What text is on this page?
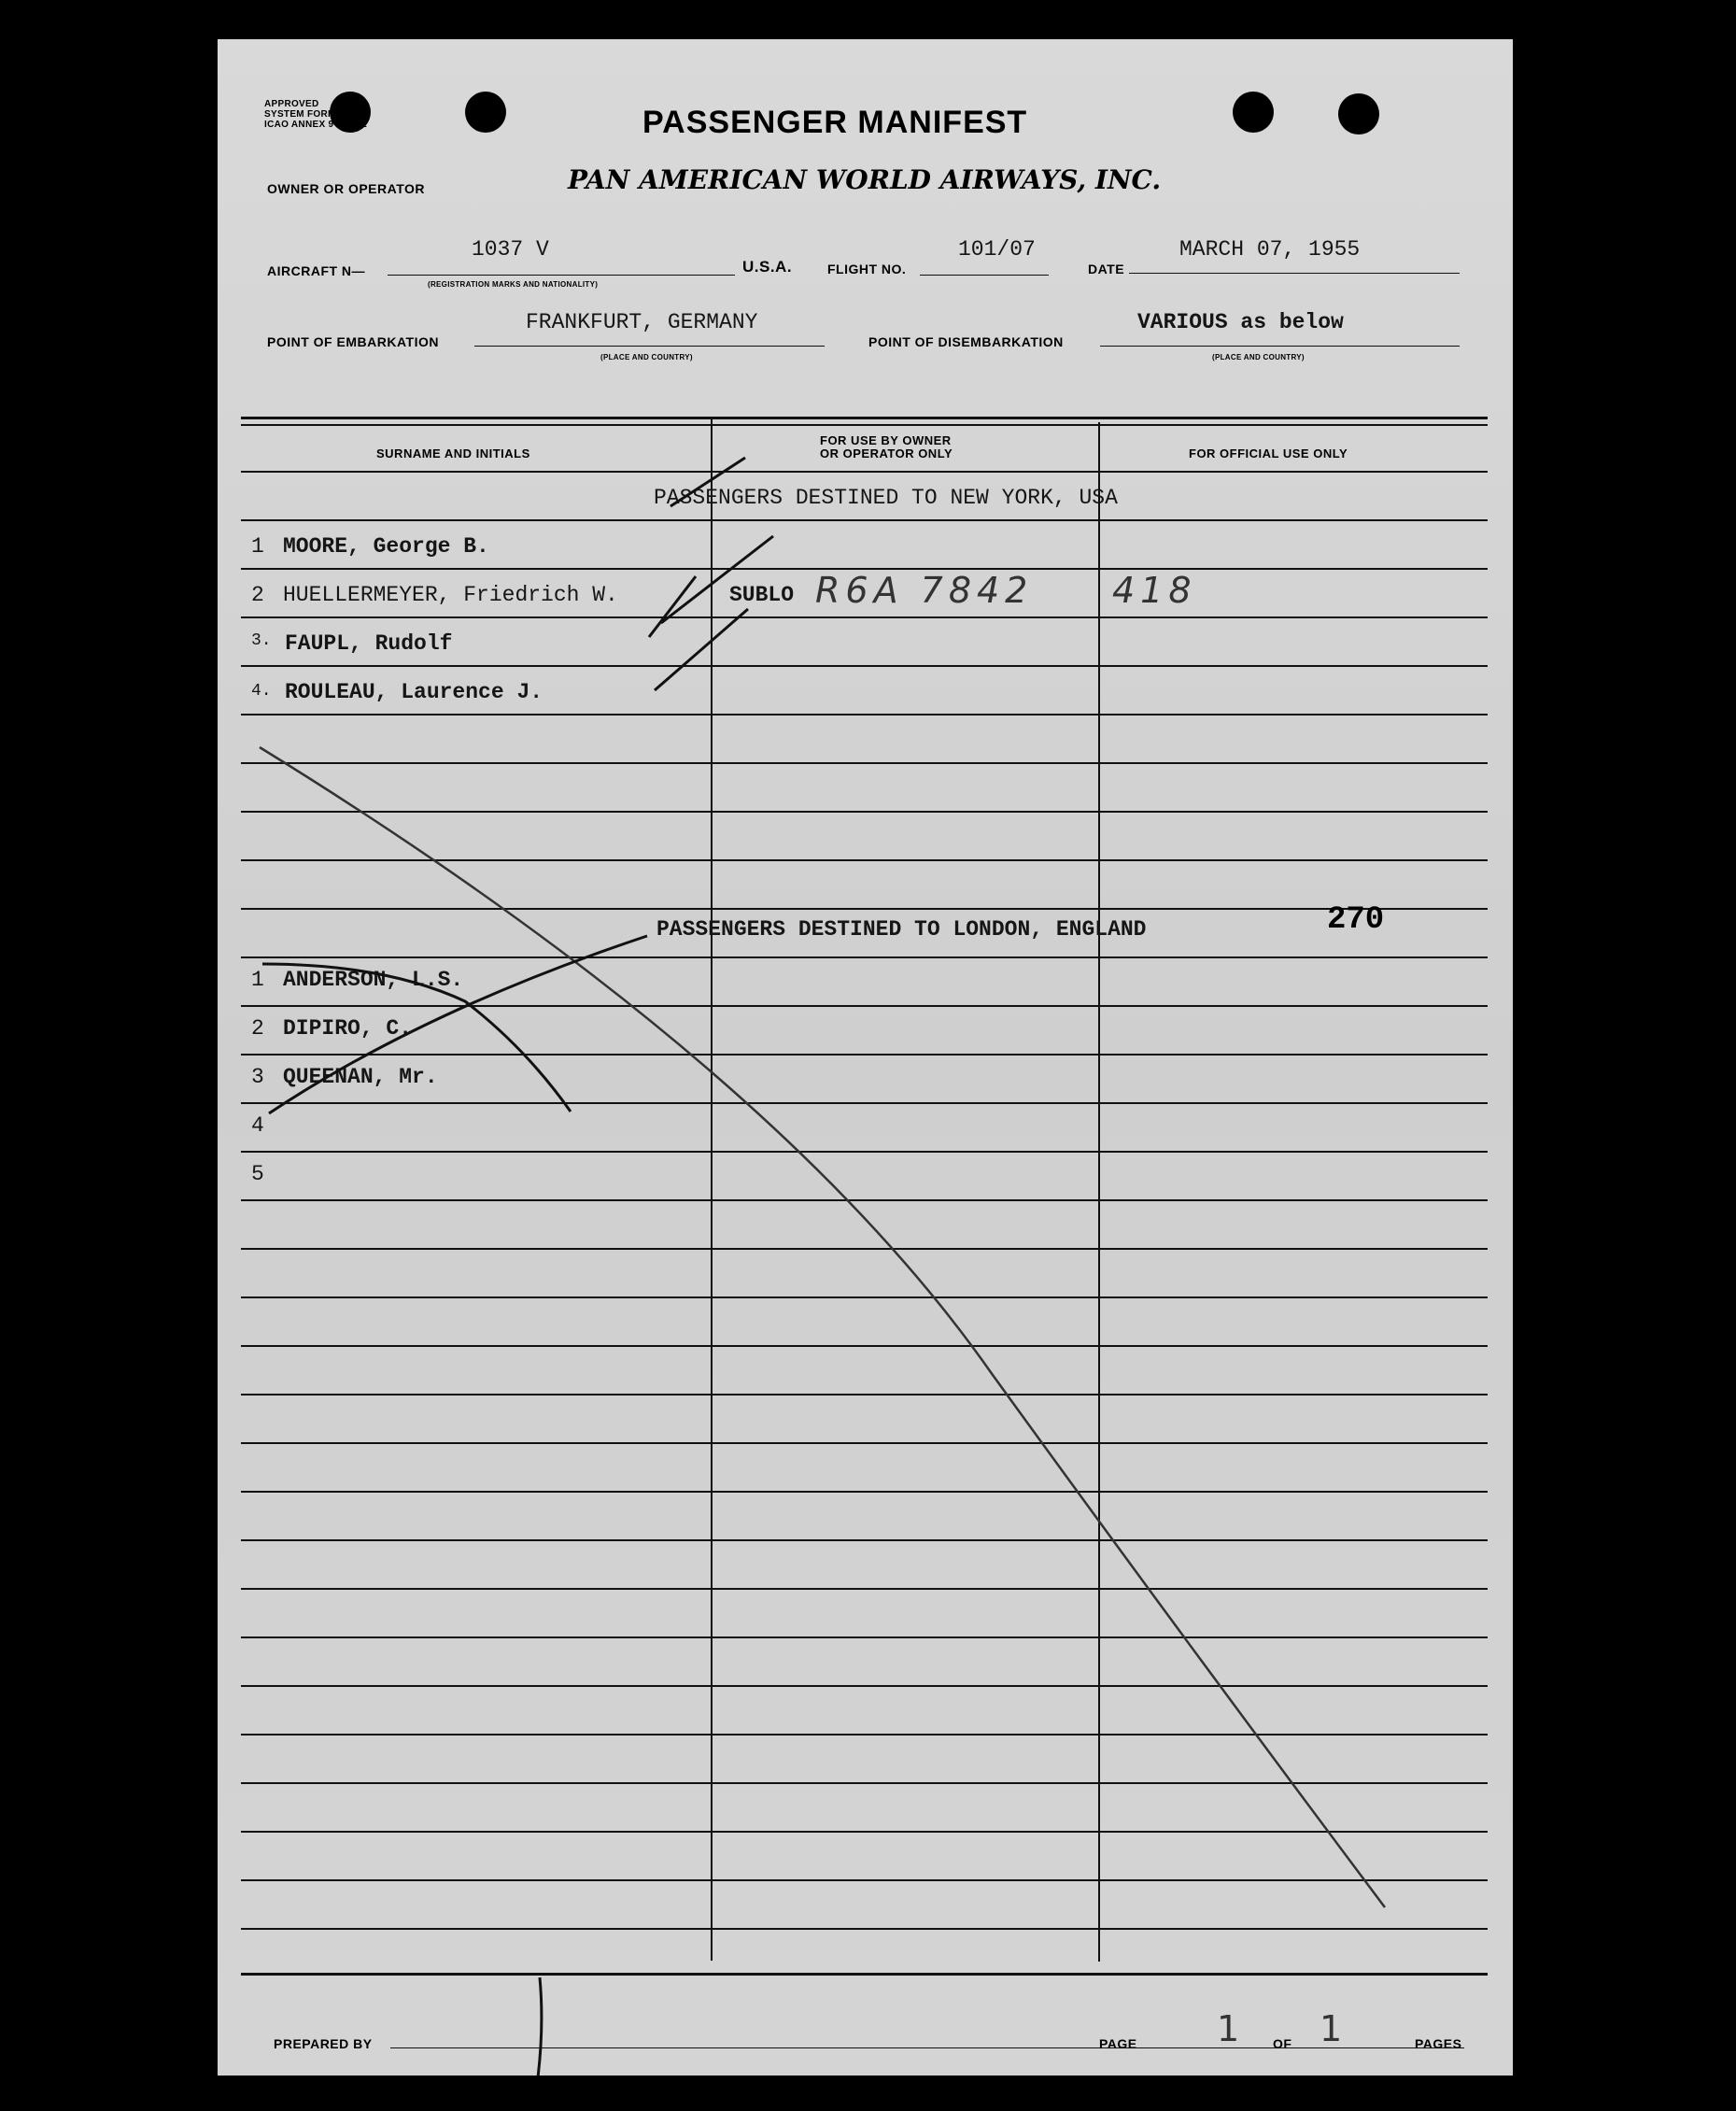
APPROVED
SYSTEM FORM
ICAO ANNEX 9-APP. 2	PASSENGER MANIFEST
OWNER OR OPERATOR	PAN AMERICAN WORLD AIRWAYS, INC.
AIRCRAFT N—
1037 V
(REGISTRATION MARKS AND NATIONALITY)
U.S.A.	FLIGHT NO.
101/07
DATE
MARCH 07, 1955
POINT OF EMBARKATION
FRANKFURT, GERMANY
(PLACE AND COUNTRY)
POINT OF DISEMBARKATION
VARIOUS as below
(PLACE AND COUNTRY)
SURNAME AND INITIALS
FOR USE BY OWNER
OR OPERATOR ONLY	FOR OFFICIAL USE ONLY
PASSENGERS DESTINED TO NEW YORK, USA
1 MOORE, George B.
2 HUELLERMEYER, Friedrich W.	SUBLO R6A 7842 418
3. FAUPL, Rudolf
4. ROULEAU, Laurence J.
PASSENGERS DESTINED TO LONDON, ENGLAND	270
1 ANDERSON, L.S.
2 DIPIRO, C.
3 QUEENAN, Mr.
4
5
PREPARED BY	PAGE 1 OF 1	PAGES
